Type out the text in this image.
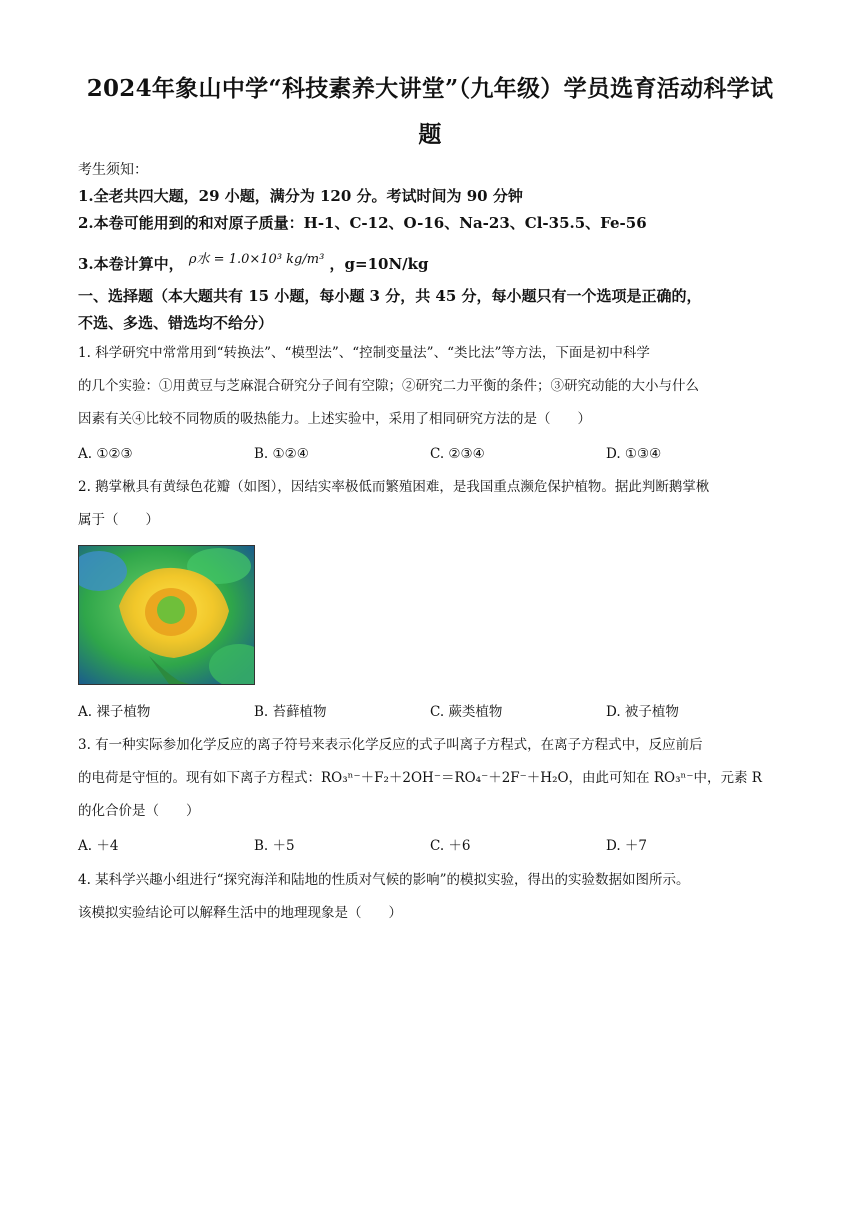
2024年象山中学“科技素养大讲堂”（九年级）学员选育活动科学试
题
考生须知：
1.全老共四大题，29 小题，满分为 120 分。考试时间为 90 分钟
2.本卷可能用到的和对原子质量：H-1、C-12、O-16、Na-23、Cl-35.5、Fe-56
3.本卷计算中， ρ水 = 1.0×10³ kg/m³ ，g=10N/kg
一、选择题（本大题共有 15 小题，每小题 3 分，共 45 分，每小题只有一个选项是正确的，
不选、多选、错选均不给分）
1. 科学研究中常常用到“转换法”、“模型法”、“控制变量法”、“类比法”等方法，下面是初中科学
的几个实验：①用黄豆与芝麻混合研究分子间有空隙；②研究二力平衡的条件；③研究动能的大小与什么
因素有关④比较不同物质的吸热能力。上述实验中，采用了相同研究方法的是（　　）
A. ①②③	B. ①②④	C. ②③④	D. ①③④
2. 鹅掌楸具有黄绿色花瓣（如图），因结实率极低而繁殖困难，是我国重点濒危保护植物。据此判断鹅掌楸
属于（　　）
A. 裸子植物	B. 苔藓植物	C. 蕨类植物	D. 被子植物
3. 有一种实际参加化学反应的离子符号来表示化学反应的式子叫离子方程式，在离子方程式中，反应前后
的电荷是守恒的。现有如下离子方程式：RO₃ⁿ⁻＋F₂＋2OH⁻＝RO₄⁻＋2F⁻＋H₂O，由此可知在 RO₃ⁿ⁻中，元素 R
的化合价是（　　）
A. ＋4	B. ＋5	C. ＋6	D. ＋7
4. 某科学兴趣小组进行“探究海洋和陆地的性质对气候的影响”的模拟实验，得出的实验数据如图所示。
该模拟实验结论可以解释生活中的地理现象是（　　）
